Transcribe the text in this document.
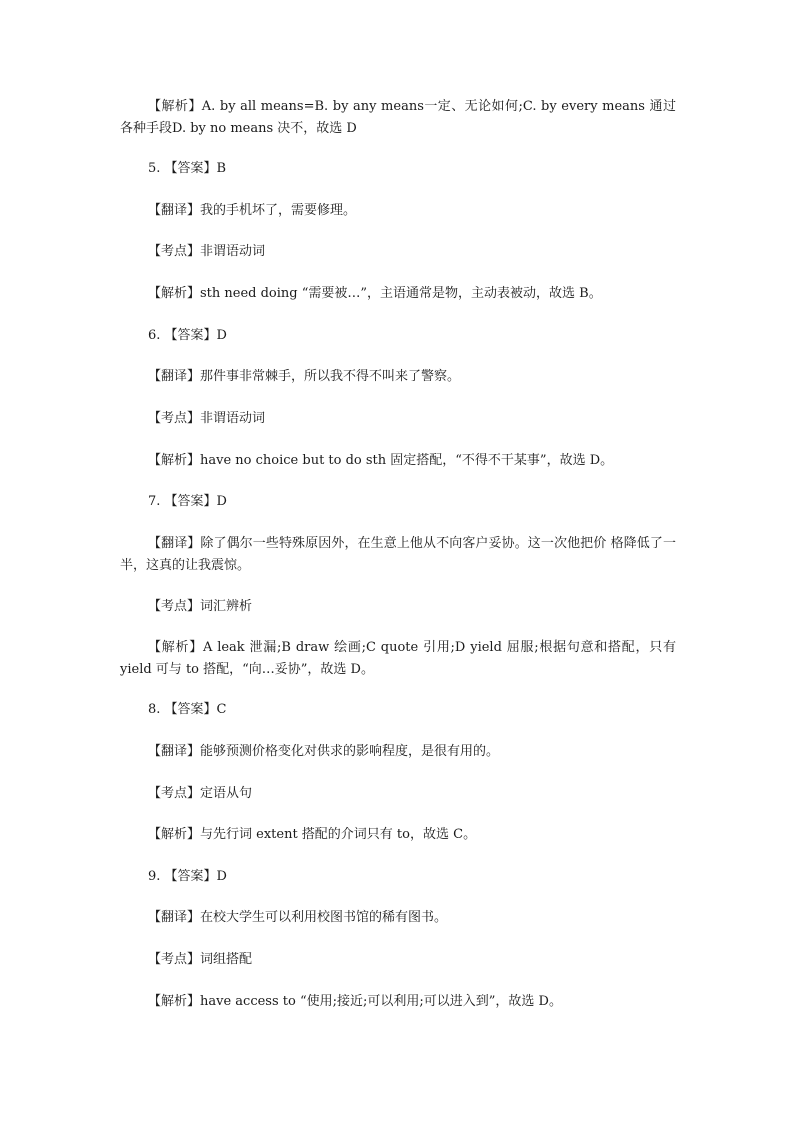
【解析】A. by all means=B. by any means一定、无论如何;C. by every means 通过各种手段D. by no means 决不，故选 D
5. 【答案】B
【翻译】我的手机坏了，需要修理。
【考点】非谓语动词
【解析】sth need doing “需要被…”，主语通常是物，主动表被动，故选 B。
6. 【答案】D
【翻译】那件事非常棘手，所以我不得不叫来了警察。
【考点】非谓语动词
【解析】have no choice but to do sth 固定搭配，“不得不干某事”，故选 D。
7. 【答案】D
【翻译】除了偶尔一些特殊原因外，在生意上他从不向客户妥协。这一次他把价 格降低了一半，这真的让我震惊。
【考点】词汇辨析
【解析】A leak 泄漏;B draw 绘画;C quote 引用;D yield 屈服;根据句意和搭配，只有 yield 可与 to 搭配，“向…妥协”，故选 D。
8. 【答案】C
【翻译】能够预测价格变化对供求的影响程度，是很有用的。
【考点】定语从句
【解析】与先行词 extent 搭配的介词只有 to，故选 C。
9. 【答案】D
【翻译】在校大学生可以利用校图书馆的稀有图书。
【考点】词组搭配
【解析】have access to “使用;接近;可以利用;可以进入到”，故选 D。
